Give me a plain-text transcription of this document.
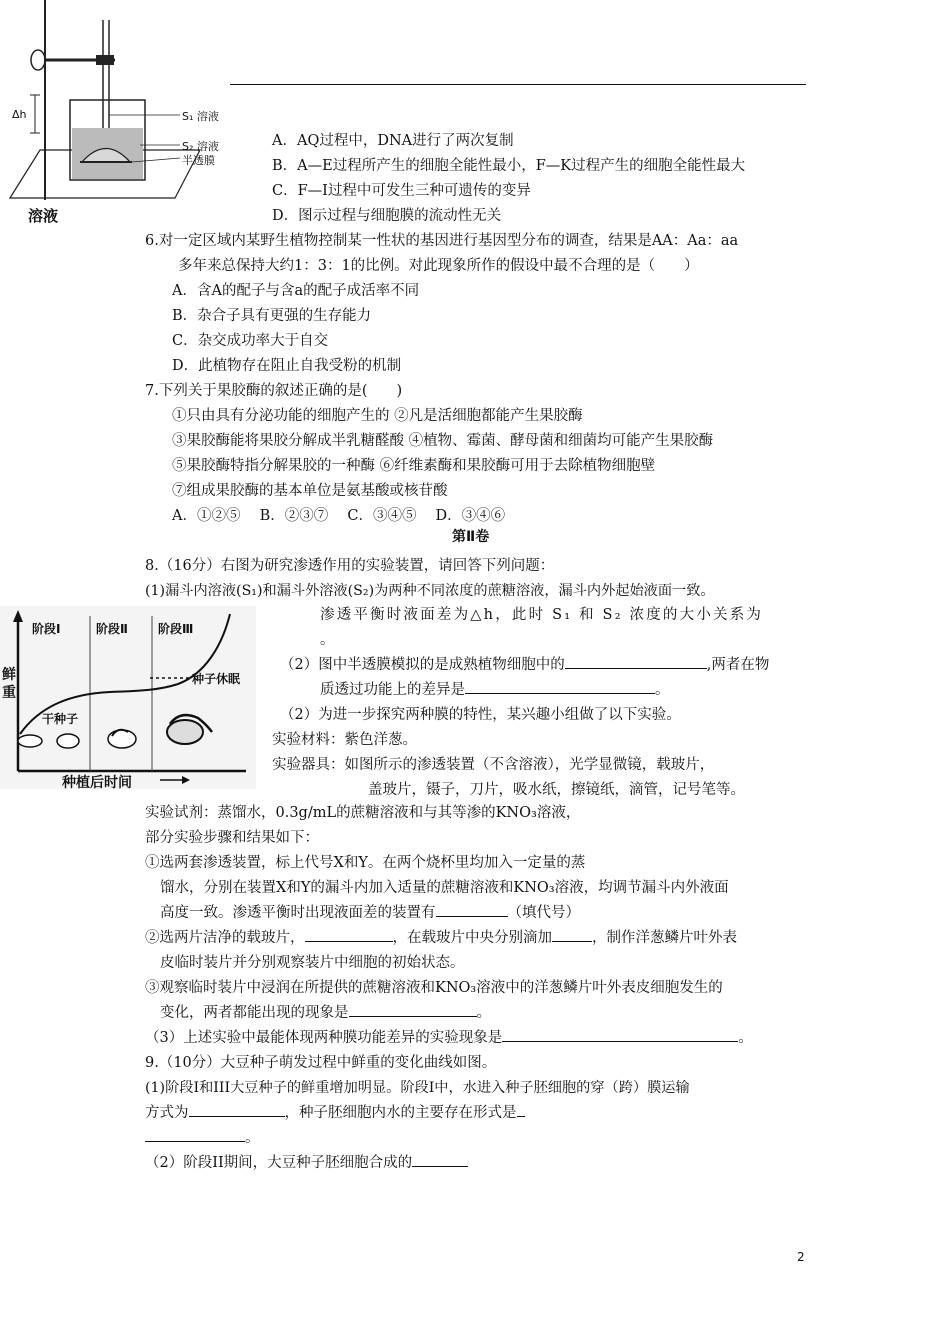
Δh	S₁ 溶液
S₂ 溶液
半透膜
溶液
A．AQ过程中，DNA进行了两次复制
B．A—E过程所产生的细胞全能性最小，F—K过程产生的细胞全能性最大
C．F—I过程中可发生三种可遗传的变异
D．图示过程与细胞膜的流动性无关
6.对一定区域内某野生植物控制某一性状的基因进行基因型分布的调查，结果是AA：Aa：aa
多年来总保持大约1：3：1的比例。对此现象所作的假设中最不合理的是（　　）
A．含A的配子与含a的配子成活率不同
B．杂合子具有更强的生存能力
C．杂交成功率大于自交
D．此植物存在阻止自我受粉的机制
7.下列关于果胶酶的叙述正确的是(　　)
①只由具有分泌功能的细胞产生的 ②凡是活细胞都能产生果胶酶
③果胶酶能将果胶分解成半乳糖醛酸 ④植物、霉菌、酵母菌和细菌均可能产生果胶酶
⑤果胶酶特指分解果胶的一种酶 ⑥纤维素酶和果胶酶可用于去除植物细胞壁
⑦组成果胶酶的基本单位是氨基酸或核苷酸
A．①②⑤　 B．②③⑦　 C．③④⑤　 D．③④⑥
第Ⅱ卷
8.（16分）右图为研究渗透作用的实验装置，请回答下列问题：
(1)漏斗内溶液(S₁)和漏斗外溶液(S₂)为两种不同浓度的蔗糖溶液，漏斗内外起始液面一致。
阶段Ⅰ	阶段Ⅱ	阶段Ⅲ
鲜重
种子休眠
干种子
种植后时间
渗透平衡时液面差为△h，此时 S₁ 和 S₂ 浓度的大小关系为
。
（2）图中半透膜模拟的是成熟植物细胞中的	,两者在物
质透过功能上的差异是	。
（2）为进一步探究两种膜的特性，某兴趣小组做了以下实验。
实验材料：紫色洋葱。
实验器具：如图所示的渗透装置（不含溶液），光学显微镜，载玻片，
盖玻片，镊子，刀片，吸水纸，擦镜纸，滴管，记号笔等。
实验试剂：蒸馏水，0.3g/mL的蔗糖溶液和与其等渗的KNO₃溶液，
部分实验步骤和结果如下：
①选两套渗透装置，标上代号X和Y。在两个烧杯里均加入一定量的蒸
馏水，分别在装置X和Y的漏斗内加入适量的蔗糖溶液和KNO₃溶液，均调节漏斗内外液面
高度一致。渗透平衡时出现液面差的装置有	（填代号）
②选两片洁净的载玻片，	，在载玻片中央分别滴加	，制作洋葱鳞片叶外表
皮临时装片并分别观察装片中细胞的初始状态。
③观察临时装片中浸润在所提供的蔗糖溶液和KNO₃溶液中的洋葱鳞片叶外表皮细胞发生的
变化，两者都能出现的现象是	。
（3）上述实验中最能体现两种膜功能差异的实验现象是	。
9.（10分）大豆种子萌发过程中鲜重的变化曲线如图。
(1)阶段Ⅰ和III大豆种子的鲜重增加明显。阶段Ⅰ中，水进入种子胚细胞的穿（跨）膜运输
方式为	，种子胚细胞内水的主要存在形式是
。
（2）阶段II期间，大豆种子胚细胞合成的
2
